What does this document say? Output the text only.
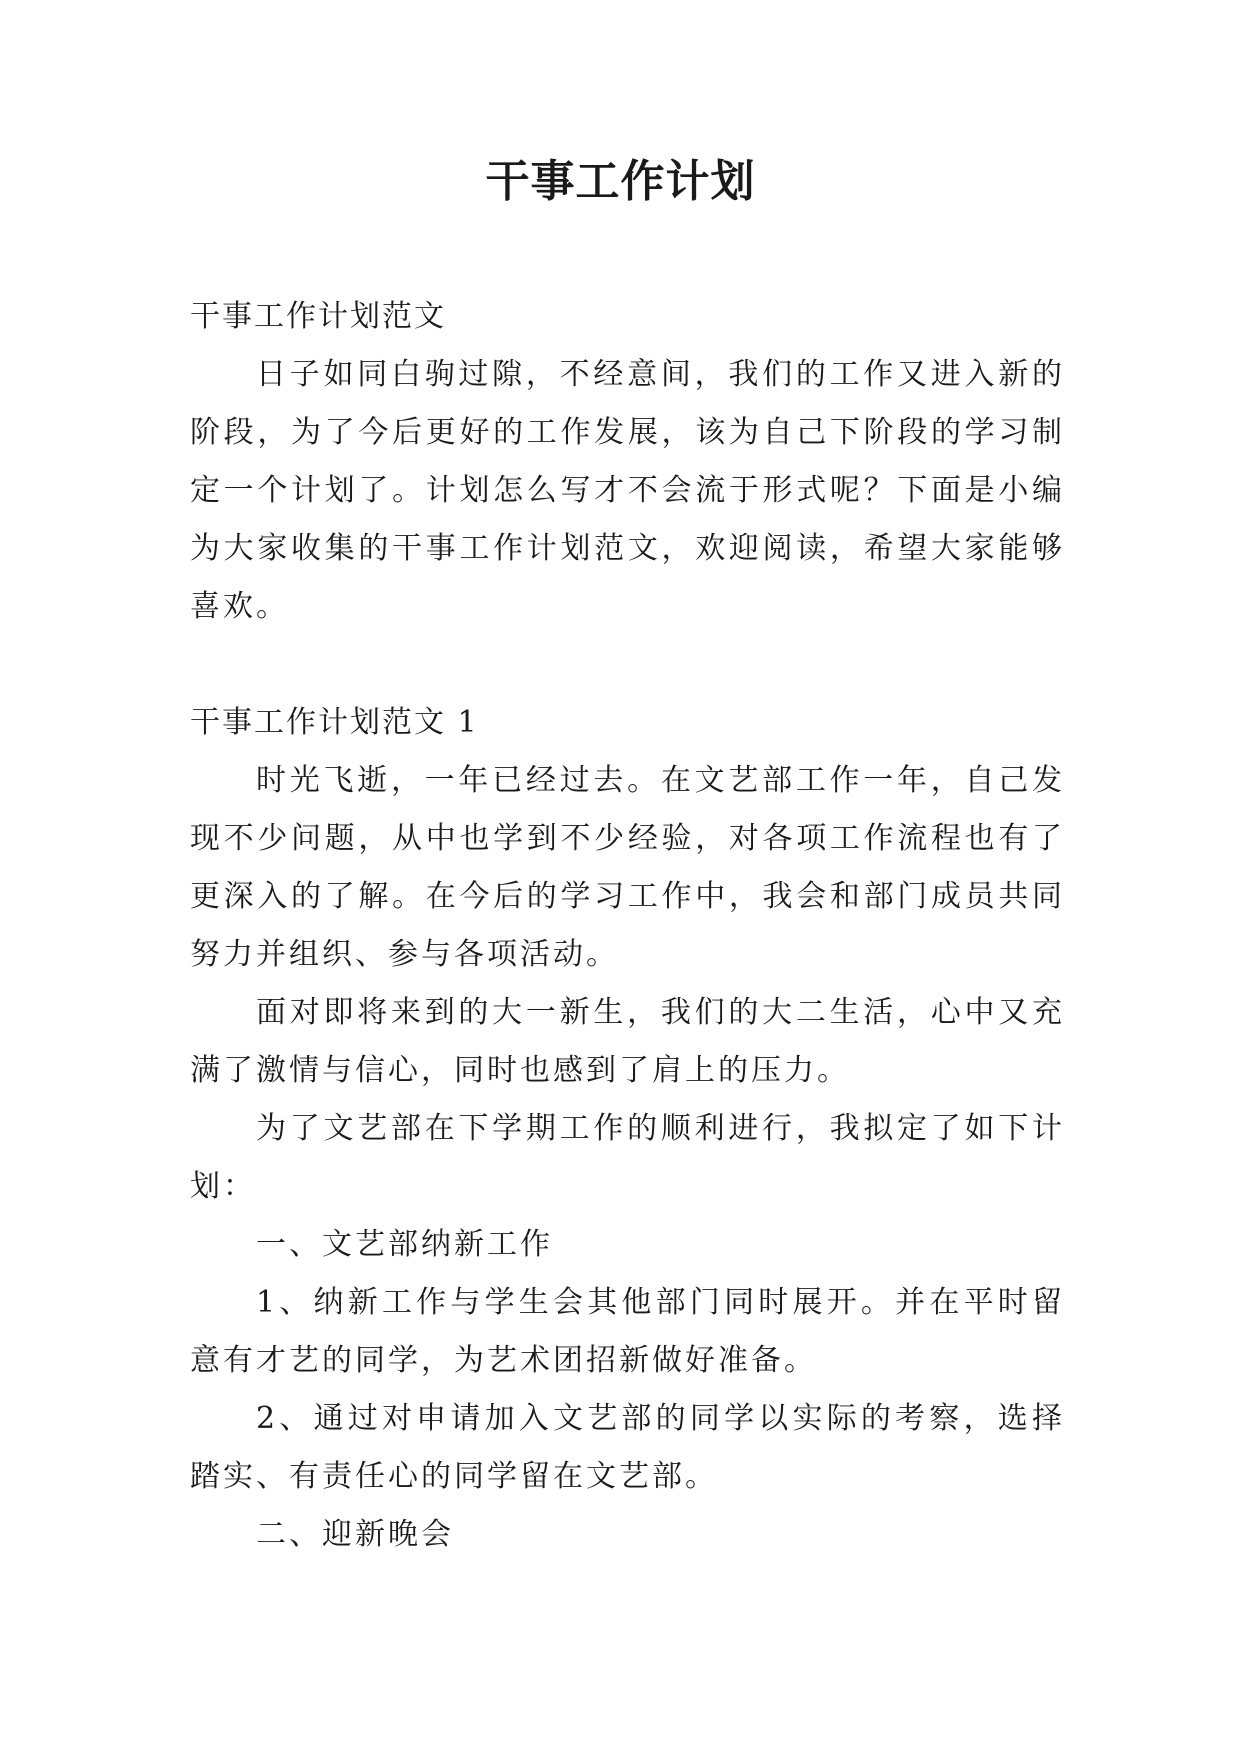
干事工作计划

干事工作计划范文

日子如同白驹过隙，不经意间，我们的工作又进入新的阶段，为了今后更好的工作发展，该为自己下阶段的学习制定一个计划了。计划怎么写才不会流于形式呢？下面是小编为大家收集的干事工作计划范文，欢迎阅读，希望大家能够喜欢。

干事工作计划范文 1

时光飞逝，一年已经过去。在文艺部工作一年，自己发现不少问题，从中也学到不少经验，对各项工作流程也有了更深入的了解。在今后的学习工作中，我会和部门成员共同努力并组织、参与各项活动。

面对即将来到的大一新生，我们的大二生活，心中又充满了激情与信心，同时也感到了肩上的压力。

为了文艺部在下学期工作的顺利进行，我拟定了如下计划：

一、文艺部纳新工作

1、纳新工作与学生会其他部门同时展开。并在平时留意有才艺的同学，为艺术团招新做好准备。

2、通过对申请加入文艺部的同学以实际的考察，选择踏实、有责任心的同学留在文艺部。

二、迎新晚会
